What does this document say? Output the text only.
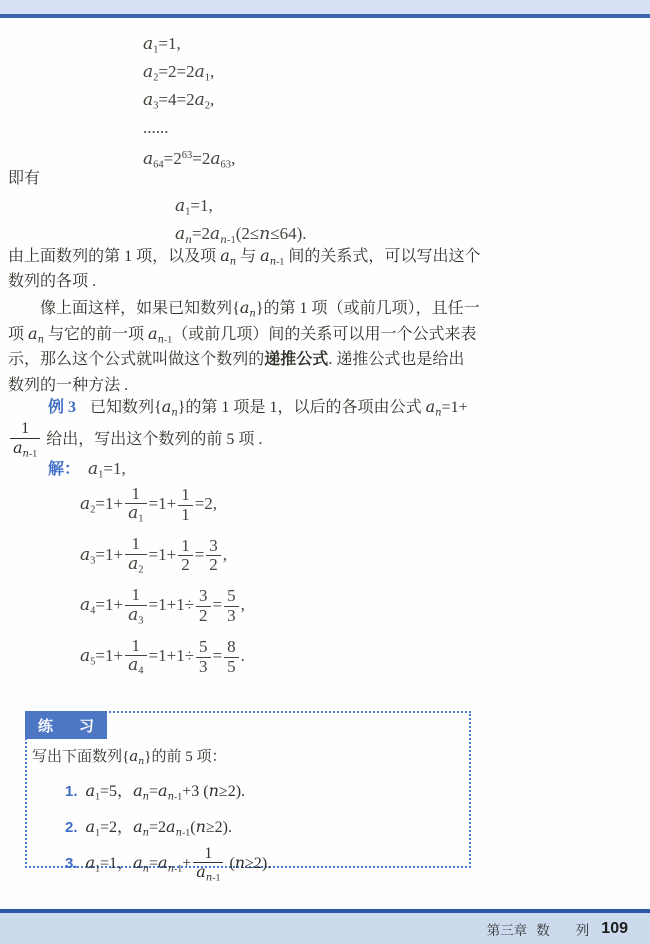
$a_1=1$,
$a_2=2=2a_1$,
$a_3=4=2a_2$,
......
$a_{64}=2^{63}=2a_{63}$,
即有
$a_1=1$,
$a_n=2a_{n-1}(2\le n\le 64)$.
由上面数列的第 1 项，以及项 $a_n$ 与 $a_{n-1}$ 间的关系式，可以写出这个
数列的各项 .
像上面这样，如果已知数列$\{a_n\}$的第 1 项（或前几项），且任一
项 $a_n$ 与它的前一项 $a_{n-1}$（或前几项）间的关系可以用一个公式来表
示，那么这个公式就叫做这个数列的递推公式. 递推公式也是给出
数列的一种方法 .
例 3 已知数列$\{a_n\}$的第 1 项是 1，以后的各项由公式 $a_n=1+$
$\frac{1}{a_{n-1}}$ 给出，写出这个数列的前 5 项 .
解： $a_1=1$,
$a_2=1+ \frac{1}{a_1} =1+ \frac{1}{1} =2$,
$a_3=1+ \frac{1}{a_2} =1+ \frac{1}{2} = \frac{3}{2}$ ,
$a_4=1+ \frac{1}{a_3} =1+1\div \frac{3}{2} = \frac{5}{3}$ ,
$a_5=1+ \frac{1}{a_4} =1+1\div \frac{5}{3} = \frac{8}{5}$ .
练 习
写出下面数列$\{a_n\}$的前 5 项：
1. $a_1=5$，$a_n=a_{n-1}+3$ (n≥2).
2. $a_1=2$，$a_n=2a_{n-1}(n\ge 2)$.
3. $a_1=1$，$a_n=a_{n-1}+ \frac{1}{a_{n-1}} (n\ge 2)$.
第三章 数 列 109
